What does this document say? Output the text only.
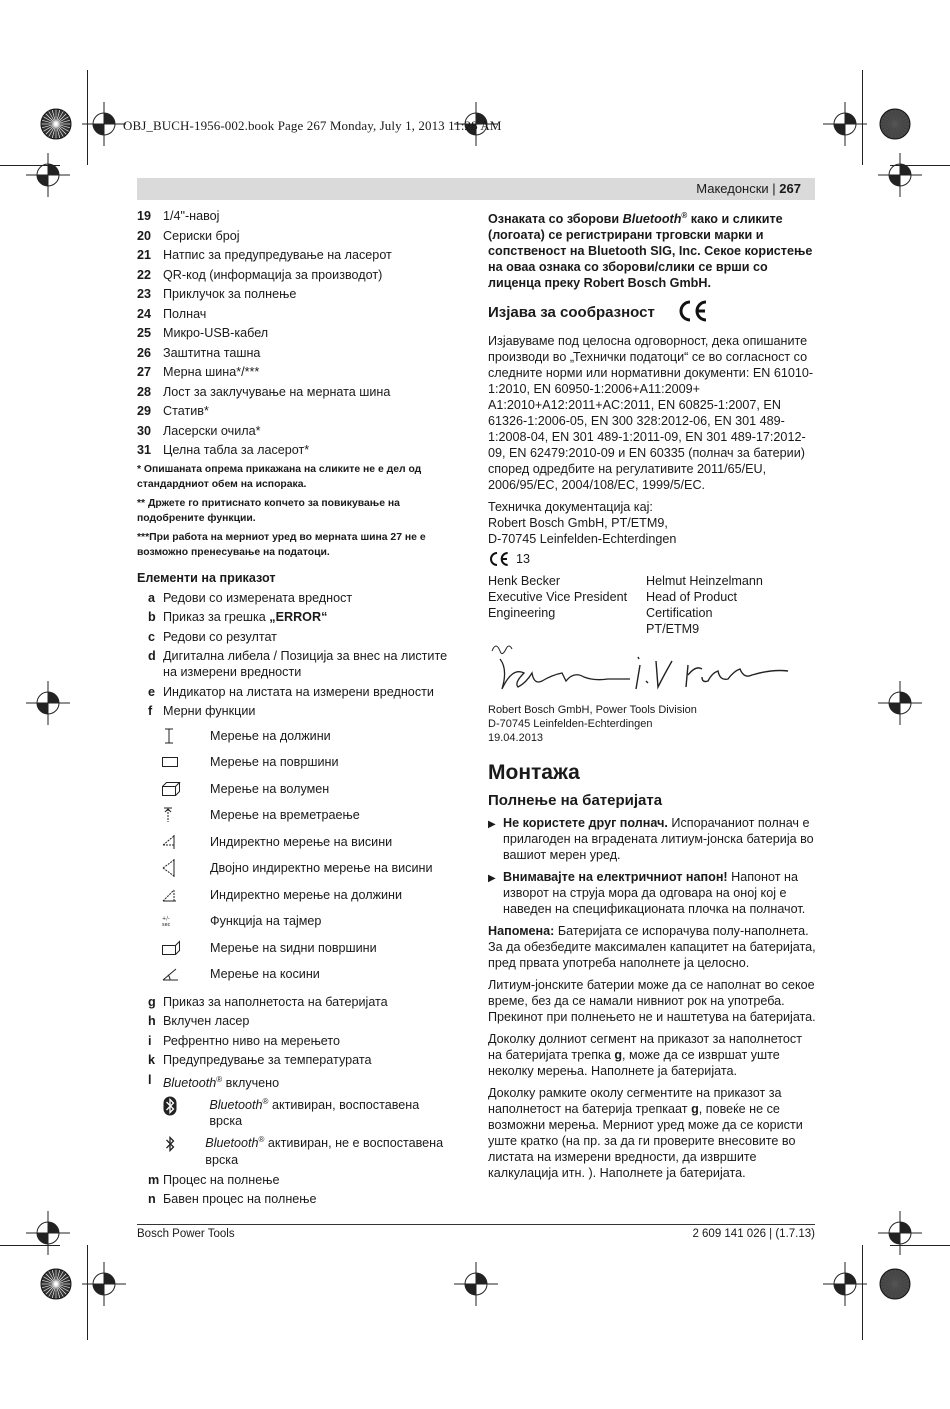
OBJ_BUCH-1956-002.book Page 267 Monday, July 1, 2013 11:28 AM
Македонски | 267
19 1/4"-навој
20 Сериски број
21 Натпис за предупредување на ласерот
22 QR-код (информација за производот)
23 Приклучок за полнење
24 Полнач
25 Микро-USB-кабел
26 Заштитна ташна
27 Мерна шина*/***
28 Лост за заклучување на мерната шина
29 Статив*
30 Ласерски очила*
31 Целна табла за ласерот*
* Опишаната опрема прикажана на сликите не е дел од стандардниот обем на испорака.
** Држете го притиснато копчето за повикување на подобрените функции.
***При работа на мерниот уред во мерната шина 27 не е возможно пренесување на податоци.
Елементи на приказот
a Редови со измерената вредност
b Приказ за грешка „ERROR“
c Редови со резултат
d Дигитална либела / Позиција за внес на листите на измерени вредности
e Индикатор на листата на измерени вредности
f Мерни функции
Мерење на должини
Мерење на површини
Мерење на волумен
Мерење на времетраење
Индиректно мерење на висини
Двојно индиректно мерење на висини
Индиректно мерење на должини
+/-
sec	Функција на тајмер
Мерење на ѕидни површини
Мерење на косини
g Приказ за наполнетоста на батеријата
h Вклучен ласер
i Рефрентно ниво на мерењето
k Предупредување за температурата
l Bluetooth® вклучено
Bluetooth® активиран, воспоставена врска
Bluetooth® активиран, не е воспоставена врска
m Процес на полнење
n Бавен процес на полнење

Ознаката со зборови Bluetooth® како и сликите (логоата) се регистрирани трговски марки и сопственост на Bluetooth SIG, Inc. Секое користење на оваа ознака со зборови/слики се врши со лиценца преку Robert Bosch GmbH.

Изјава за сообразност

Изјавуваме под целосна одговорност, дека опишаните производи во „Технички податоци“ се во согласност со следните норми или нормативни документи: EN 61010-1:2010, EN 60950-1:2006+A11:2009+ A1:2010+A12:2011+AC:2011, EN 60825-1:2007, EN 61326-1:2006-05, EN 300 328:2012-06, EN 301 489-1:2008-04, EN 301 489-1:2011-09, EN 301 489-17:2012-09, EN 62479:2010-09 и EN 60335 (полнач за батерии) според одредбите на регулативите 2011/65/EU, 2006/95/EC, 2004/108/EC, 1999/5/EC.

Техничка документација кај:
Robert Bosch GmbH, PT/ETM9,
D-70745 Leinfelden-Echterdingen
13
Henk Becker
Executive Vice President
Engineering
Helmut Heinzelmann
Head of Product Certification
PT/ETM9
Robert Bosch GmbH, Power Tools Division
D-70745 Leinfelden-Echterdingen
19.04.2013
Монтажа
Полнење на батеријата
▶ Не користете друг полнач. Испорачаниот полнач е прилагоден на вградената литиум-јонска батерија во вашиот мерен уред.
▶ Внимавајте на електричниот напон! Напонот на изворот на струја мора да одговара на оној кој е наведен на спецификационата плочка на полначот.

Напомена: Батеријата се испорачува полу-наполнета. За да обезбедите максимален капацитет на батеријата, пред првата употреба наполнете ја целосно.

Литиум-јонските батерии може да се наполнат во секое време, без да се намали нивниот рок на употреба. Прекинот при полнењето не и наштетува на батеријата.

Доколку долниот сегмент на приказот за наполнетост на батеријата трепка g, може да се извршат уште неколку мерења. Наполнете ја батеријата.

Доколку рамките околу сегментите на приказот за наполнетост на батерија трепкаат g, повеќе не се возможни мерења. Мерниот уред може да се користи уште кратко (на пр. за да ги проверите внесовите во листата на измерени вредности, да извршите калкулација итн. ). Наполнете ја батеријата.

Bosch Power Tools	2 609 141 026 | (1.7.13)
